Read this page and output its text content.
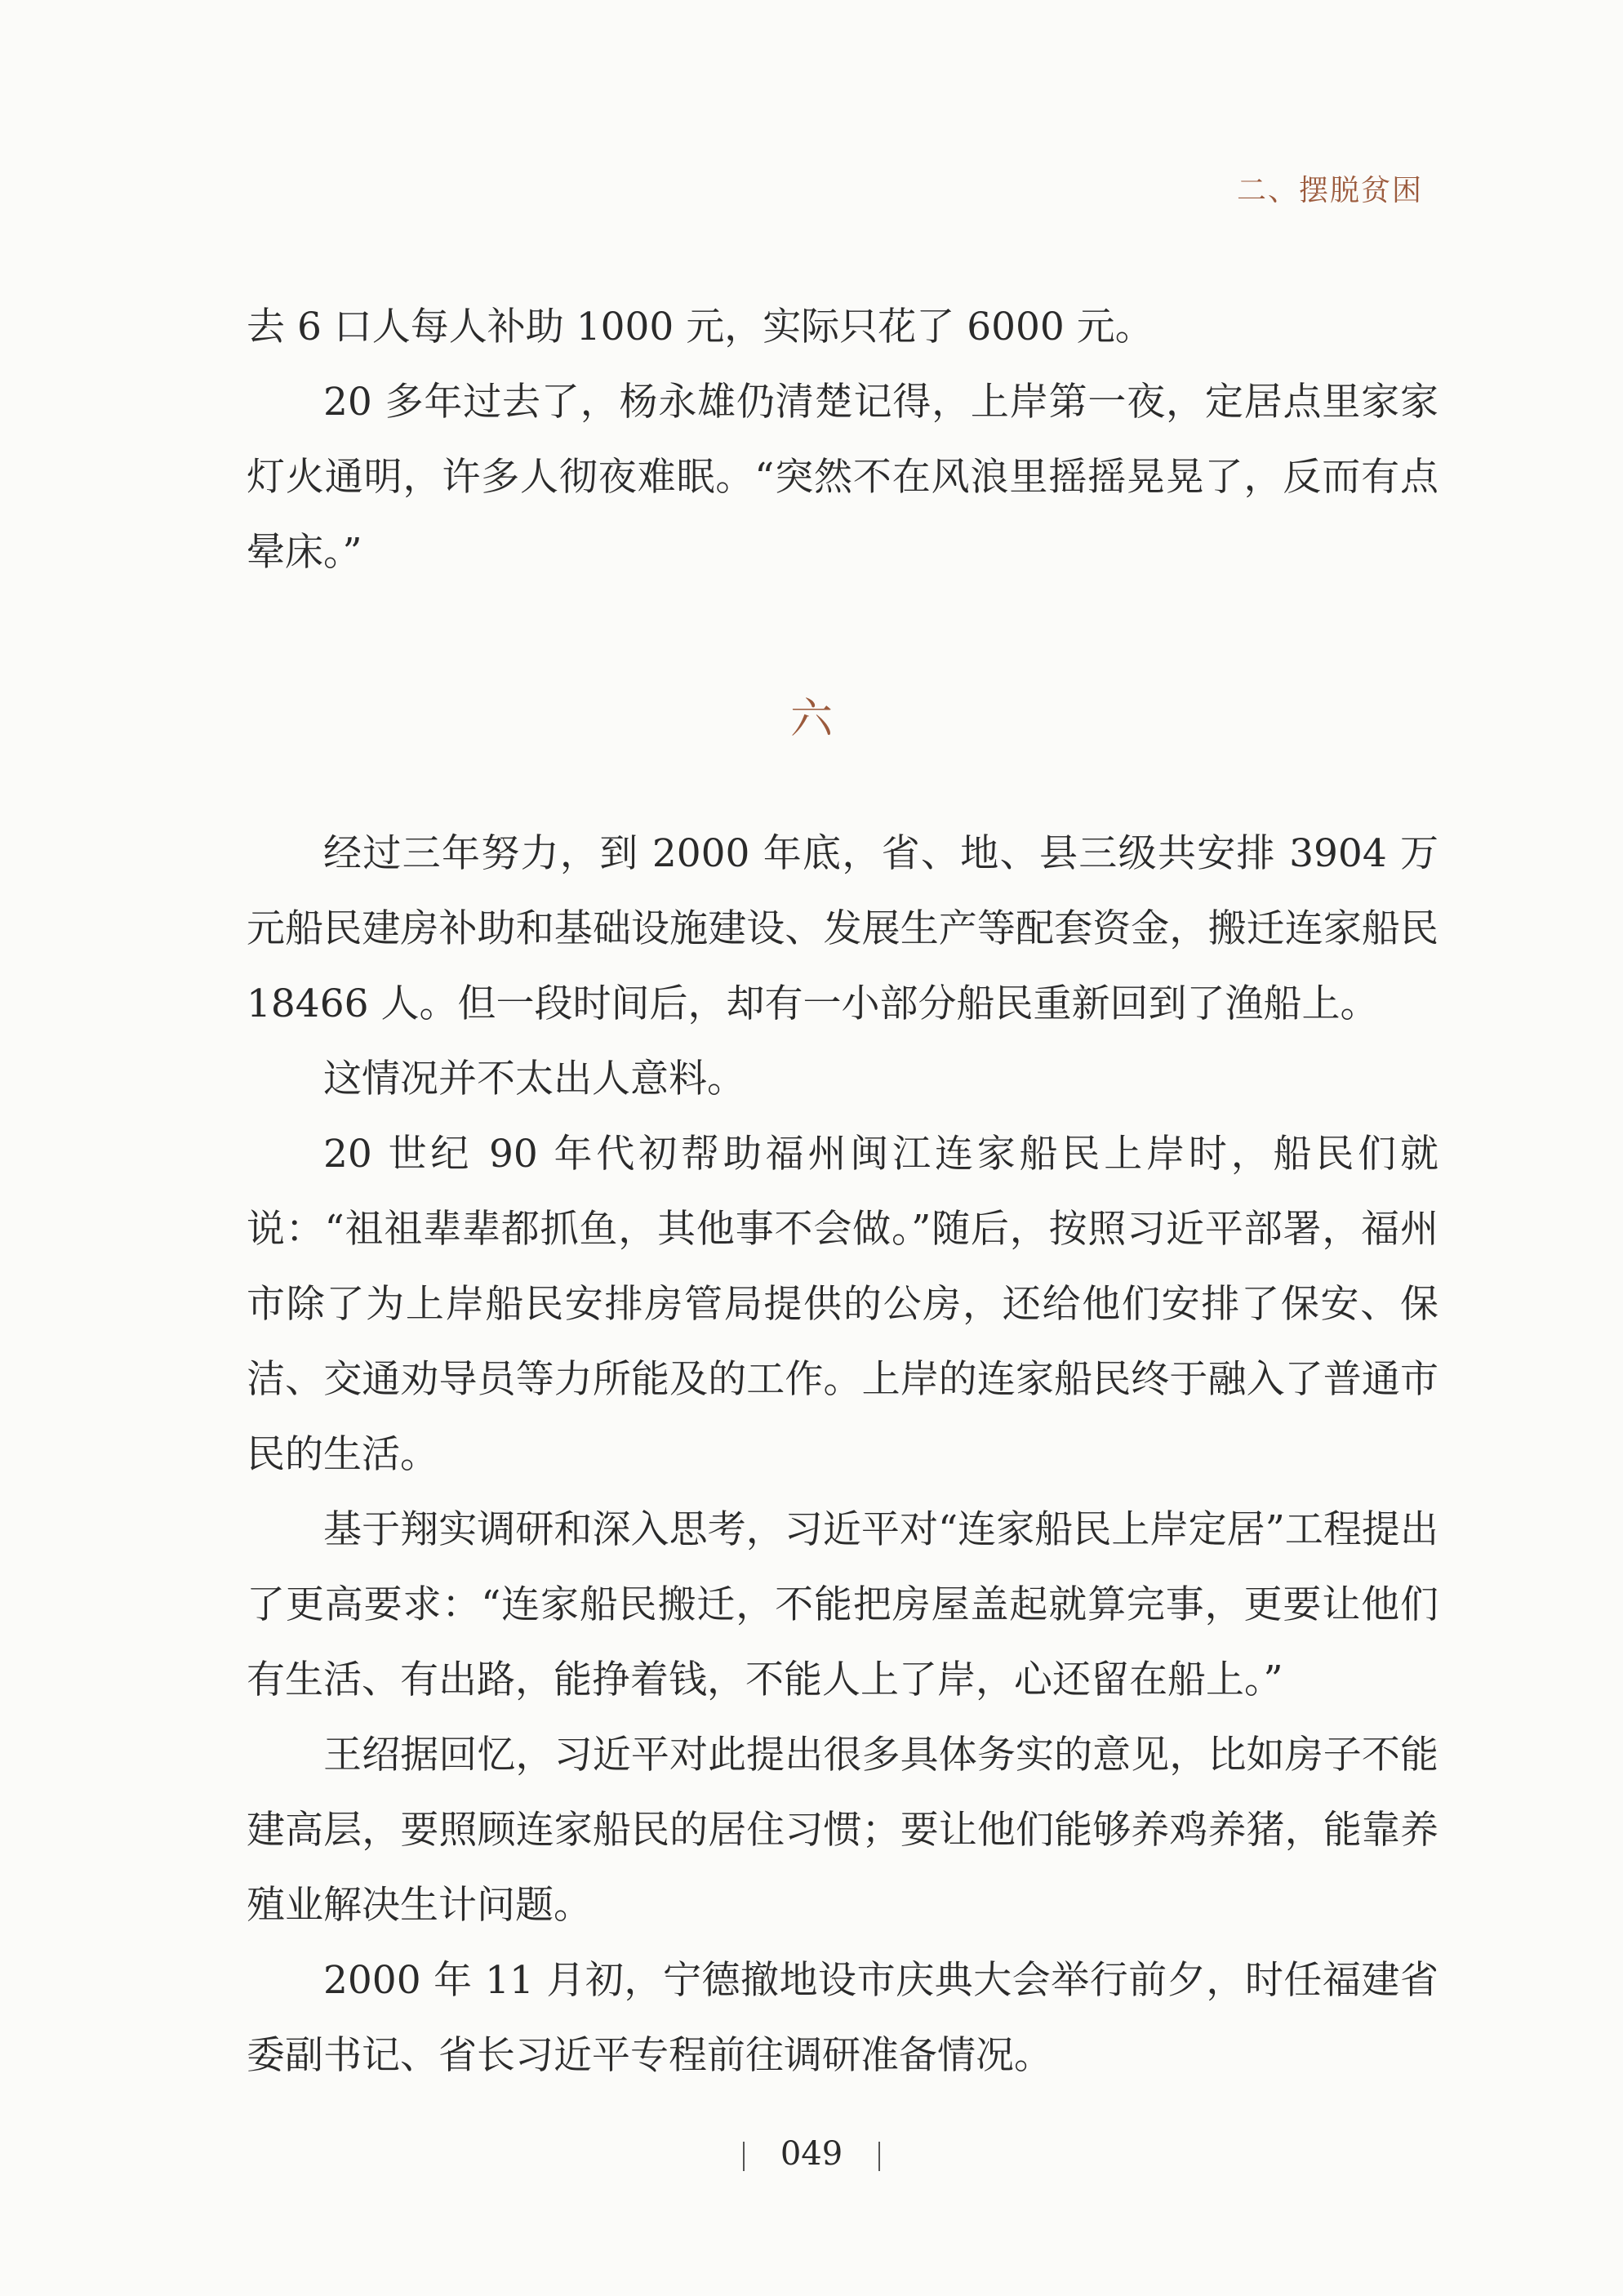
二、摆脱贫困

去 6 口人每人补助 1000 元，实际只花了 6000 元。

20 多年过去了，杨永雄仍清楚记得，上岸第一夜，定居点里家家灯火通明，许多人彻夜难眠。“突然不在风浪里摇摇晃晃了，反而有点晕床。”

六

经过三年努力，到 2000 年底，省、地、县三级共安排 3904 万元船民建房补助和基础设施建设、发展生产等配套资金，搬迁连家船民 18466 人。但一段时间后，却有一小部分船民重新回到了渔船上。

这情况并不太出人意料。

20 世纪 90 年代初帮助福州闽江连家船民上岸时，船民们就说：“祖祖辈辈都抓鱼，其他事不会做。”随后，按照习近平部署，福州市除了为上岸船民安排房管局提供的公房，还给他们安排了保安、保洁、交通劝导员等力所能及的工作。上岸的连家船民终于融入了普通市民的生活。

基于翔实调研和深入思考，习近平对“连家船民上岸定居”工程提出了更高要求：“连家船民搬迁，不能把房屋盖起就算完事，更要让他们有生活、有出路，能挣着钱，不能人上了岸，心还留在船上。”

王绍据回忆，习近平对此提出很多具体务实的意见，比如房子不能建高层，要照顾连家船民的居住习惯；要让他们能够养鸡养猪，能靠养殖业解决生计问题。

2000 年 11 月初，宁德撤地设市庆典大会举行前夕，时任福建省委副书记、省长习近平专程前往调研准备情况。

049
